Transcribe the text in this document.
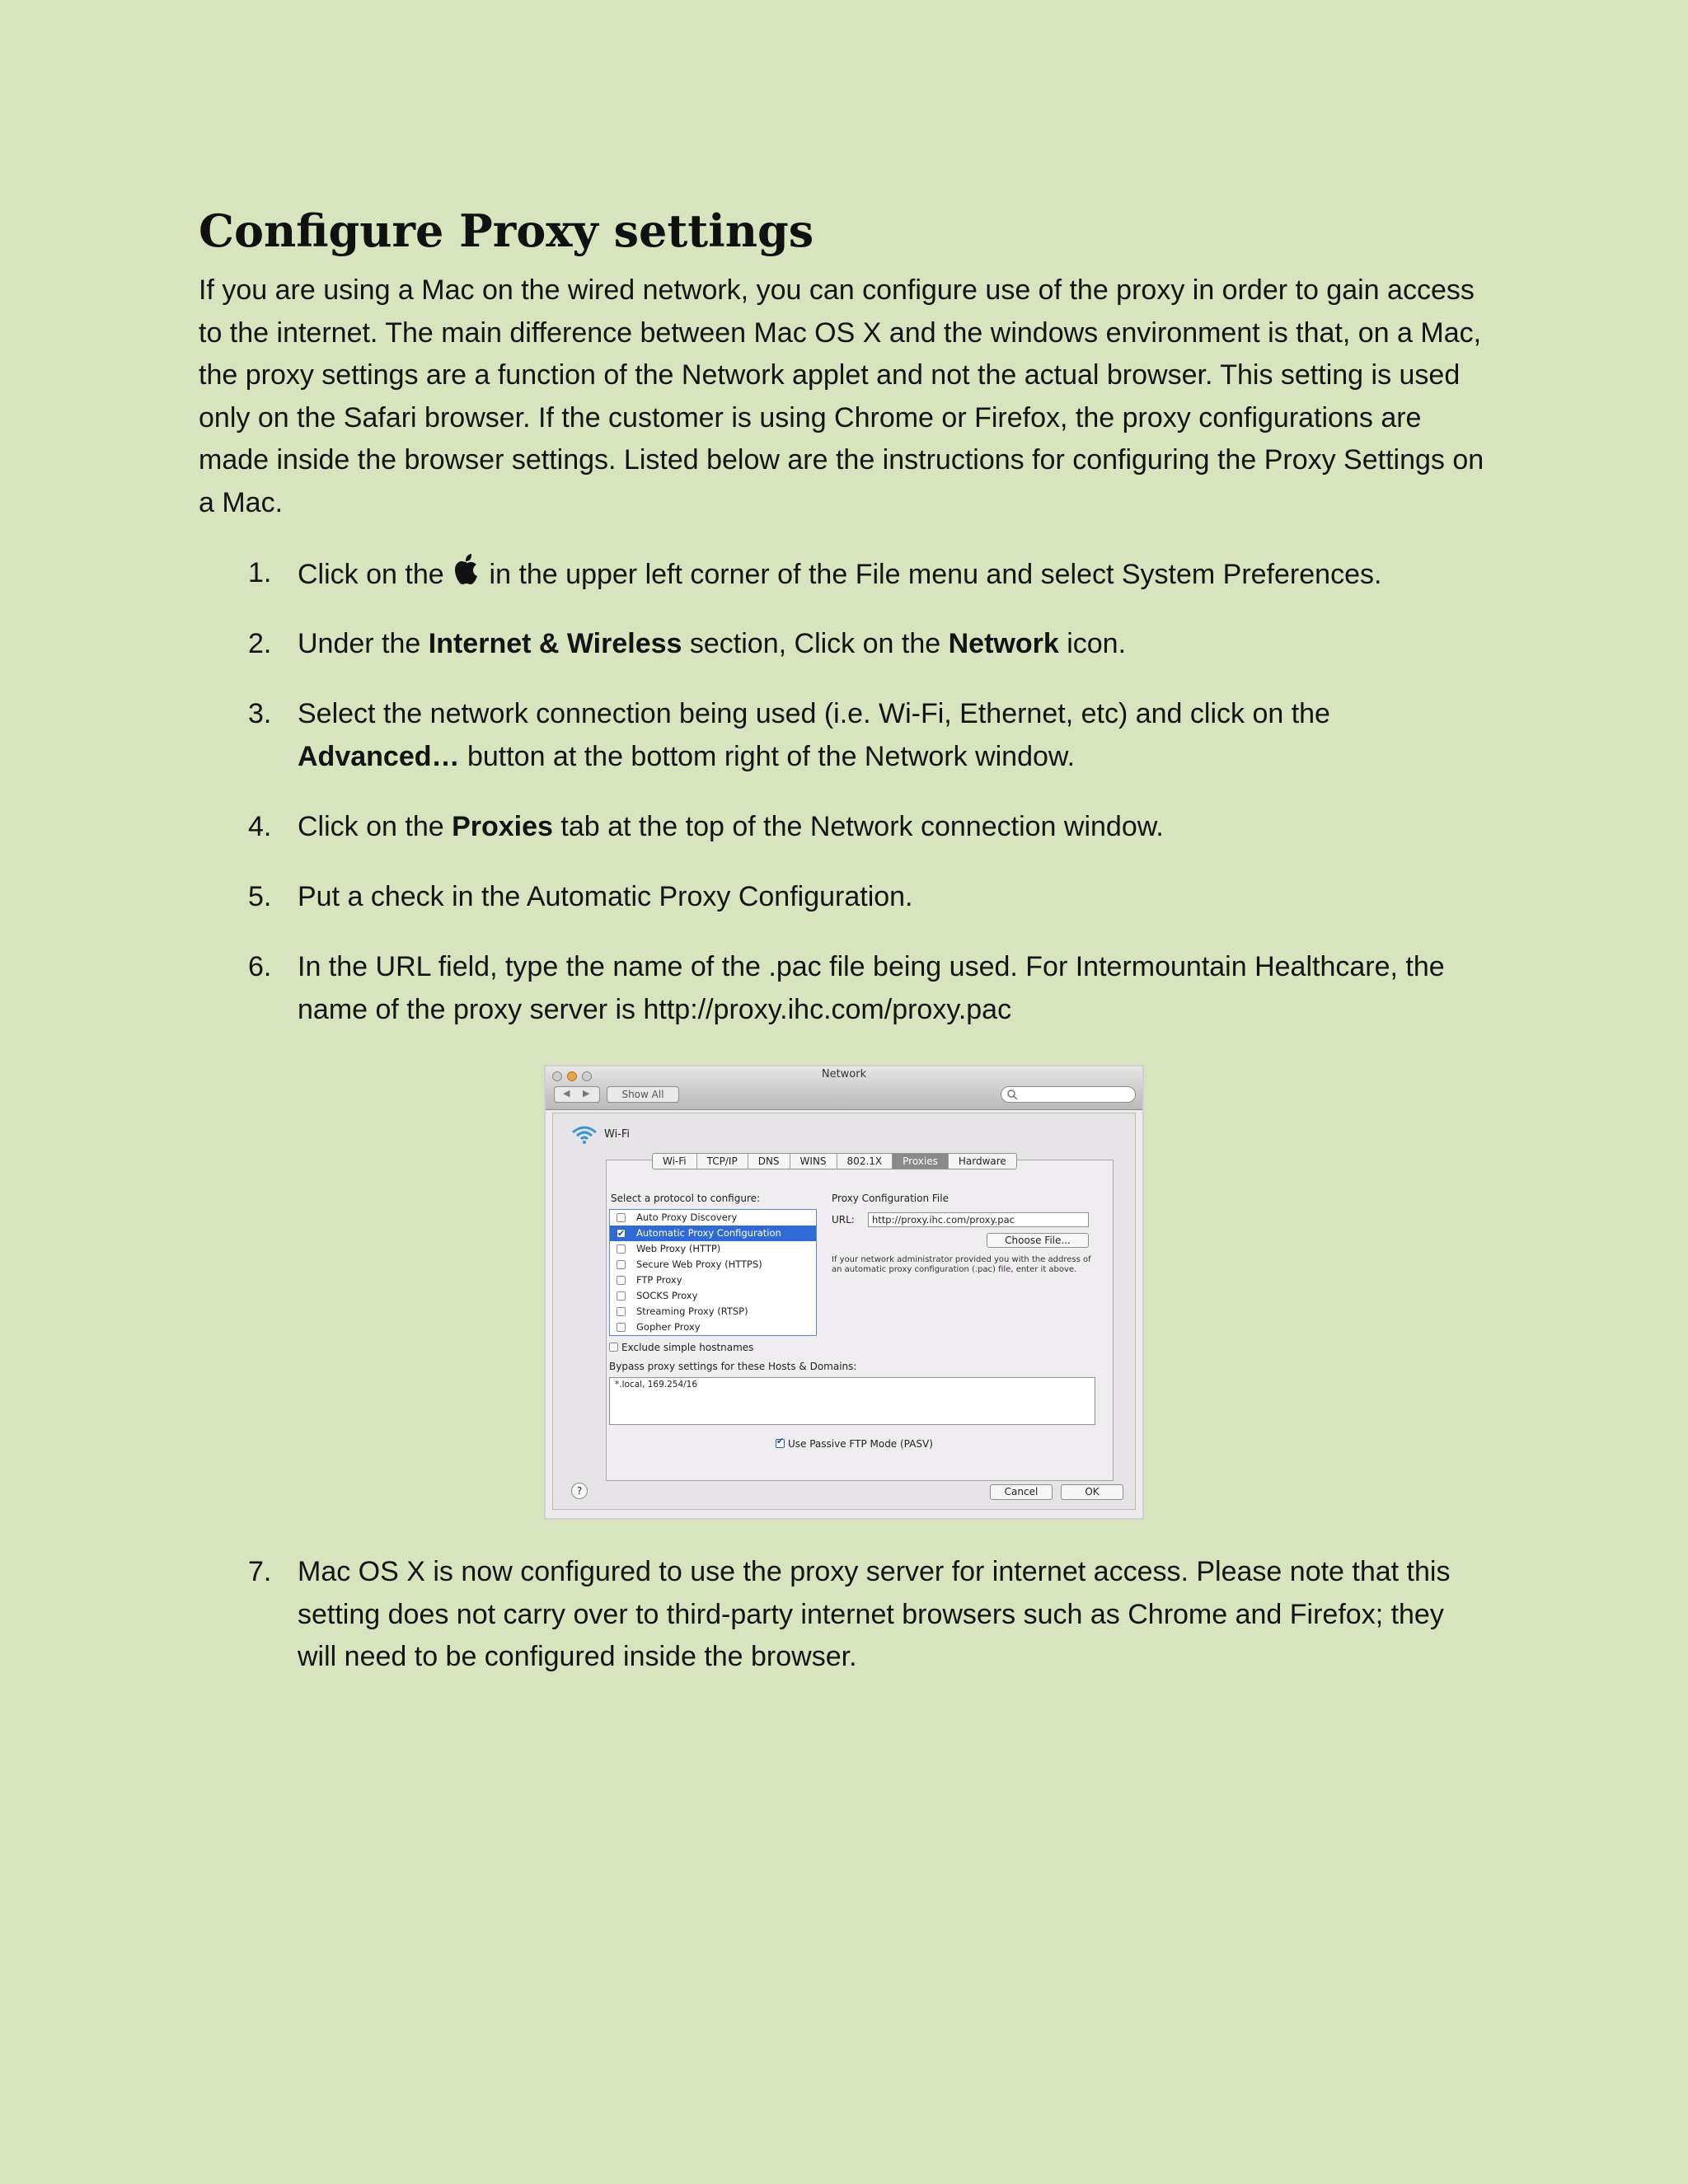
Configure Proxy settings

If you are using a Mac on the wired network, you can configure use of the proxy in order to gain access to the internet. The main difference between Mac OS X and the windows environment is that, on a Mac, the proxy settings are a function of the Network applet and not the actual browser. This setting is used only on the Safari browser. If the customer is using Chrome or Firefox, the proxy configurations are made inside the browser settings. Listed below are the instructions for configuring the Proxy Settings on a Mac.

1. Click on the  in the upper left corner of the File menu and select System Preferences.
2. Under the Internet & Wireless section, Click on the Network icon.
3. Select the network connection being used (i.e. Wi-Fi, Ethernet, etc) and click on the Advanced… button at the bottom right of the Network window.
4. Click on the Proxies tab at the top of the Network connection window.
5. Put a check in the Automatic Proxy Configuration.
6. In the URL field, type the name of the .pac file being used. For Intermountain Healthcare, the name of the proxy server is http://proxy.ihc.com/proxy.pac
7. Mac OS X is now configured to use the proxy server for internet access. Please note that this setting does not carry over to third-party internet browsers such as Chrome and Firefox; they will need to be configured inside the browser.
Network
◀ ▶	Show All
Wi-Fi
Wi-Fi	TCP/IP	DNS	WINS	802.1X	Proxies	Hardware
Select a protocol to configure:
Auto Proxy Discovery
✔
Automatic Proxy Configuration
Web Proxy (HTTP)
Secure Web Proxy (HTTPS)
FTP Proxy
SOCKS Proxy
Streaming Proxy (RTSP)
Gopher Proxy
Proxy Configuration File
URL:	http://proxy.ihc.com/proxy.pac
Choose File...
If your network administrator provided you with the address of an automatic proxy configuration (.pac) file, enter it above.
Exclude simple hostnames
Bypass proxy settings for these Hosts & Domains:
*.local, 169.254/16
✔Use Passive FTP Mode (PASV)
?	Cancel	OK
